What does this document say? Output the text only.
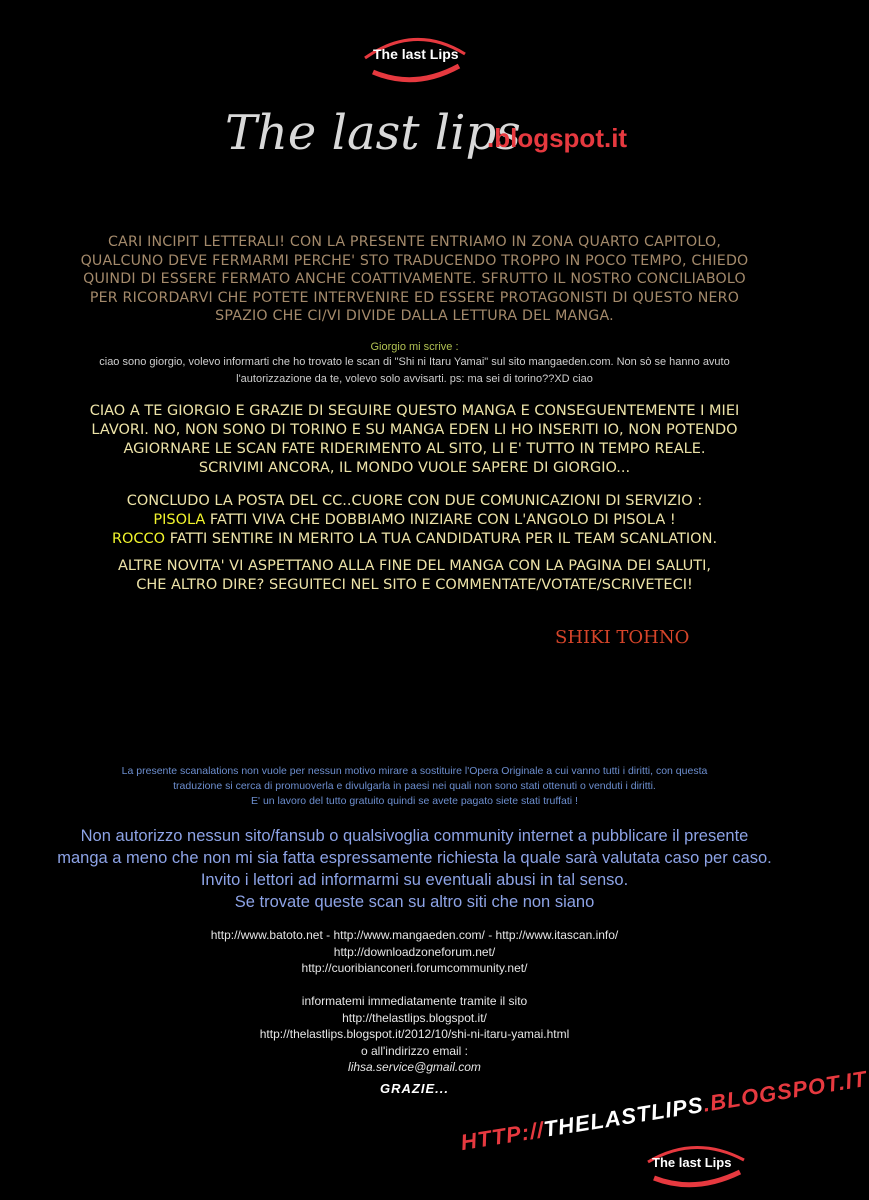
The last Lips
The last lips
.blogspot.it
CARI INCIPIT LETTERALI! CON LA PRESENTE ENTRIAMO IN ZONA QUARTO CAPITOLO,
QUALCUNO DEVE FERMARMI PERCHE' STO TRADUCENDO TROPPO IN POCO TEMPO, CHIEDO
QUINDI DI ESSERE FERMATO ANCHE COATTIVAMENTE. SFRUTTO IL NOSTRO CONCILIABOLO
PER RICORDARVI CHE POTETE INTERVENIRE ED ESSERE PROTAGONISTI DI QUESTO NERO
SPAZIO CHE CI/VI DIVIDE DALLA LETTURA DEL MANGA.
Giorgio mi scrive :
ciao sono giorgio, volevo informarti che ho trovato le scan di "Shi ni Itaru Yamai" sul sito mangaeden.com. Non sò se hanno avuto
l'autorizzazione da te, volevo solo avvisarti. ps: ma sei di torino??XD ciao
CIAO A TE GIORGIO E GRAZIE DI SEGUIRE QUESTO MANGA E CONSEGUENTEMENTE I MIEI
LAVORI. NO, NON SONO DI TORINO E SU MANGA EDEN LI HO INSERITI IO, NON POTENDO
AGIORNARE LE SCAN FATE RIDERIMENTO AL SITO, LI E' TUTTO IN TEMPO REALE.
SCRIVIMI ANCORA, IL MONDO VUOLE SAPERE DI GIORGIO...
CONCLUDO LA POSTA DEL CC..CUORE CON DUE COMUNICAZIONI DI SERVIZIO :
PISOLA FATTI VIVA CHE DOBBIAMO INIZIARE CON L'ANGOLO DI PISOLA !
ROCCO FATTI SENTIRE IN MERITO LA TUA CANDIDATURA PER IL TEAM SCANLATION.
ALTRE NOVITA' VI ASPETTANO ALLA FINE DEL MANGA CON LA PAGINA DEI SALUTI,
CHE ALTRO DIRE? SEGUITECI NEL SITO E COMMENTATE/VOTATE/SCRIVETECI!
SHIKI TOHNO
La presente scanalations non vuole per nessun motivo mirare a sostituire l'Opera Originale a cui vanno tutti i diritti, con questa
traduzione si cerca di promuoverla e divulgarla in paesi nei quali non sono stati ottenuti o venduti i diritti.
E' un lavoro del tutto gratuito quindi se avete pagato siete stati truffati !
Non autorizzo nessun sito/fansub o qualsivoglia community internet a pubblicare il presente
manga a meno che non mi sia fatta espressamente richiesta la quale sarà valutata caso per caso.
Invito i lettori ad informarmi su eventuali abusi in tal senso.
Se trovate queste scan su altro siti che non siano
http://www.batoto.net - http://www.mangaeden.com/ - http://www.itascan.info/
http://downloadzoneforum.net/
http://cuoribianconeri.forumcommunity.net/
informatemi immediatamente tramite il sito
http://thelastlips.blogspot.it/
http://thelastlips.blogspot.it/2012/10/shi-ni-itaru-yamai.html
o all'indirizzo email :
lihsa.service@gmail.com
GRAZIE...
HTTP://THELASTLIPS.BLOGSPOT.IT
The last Lips
